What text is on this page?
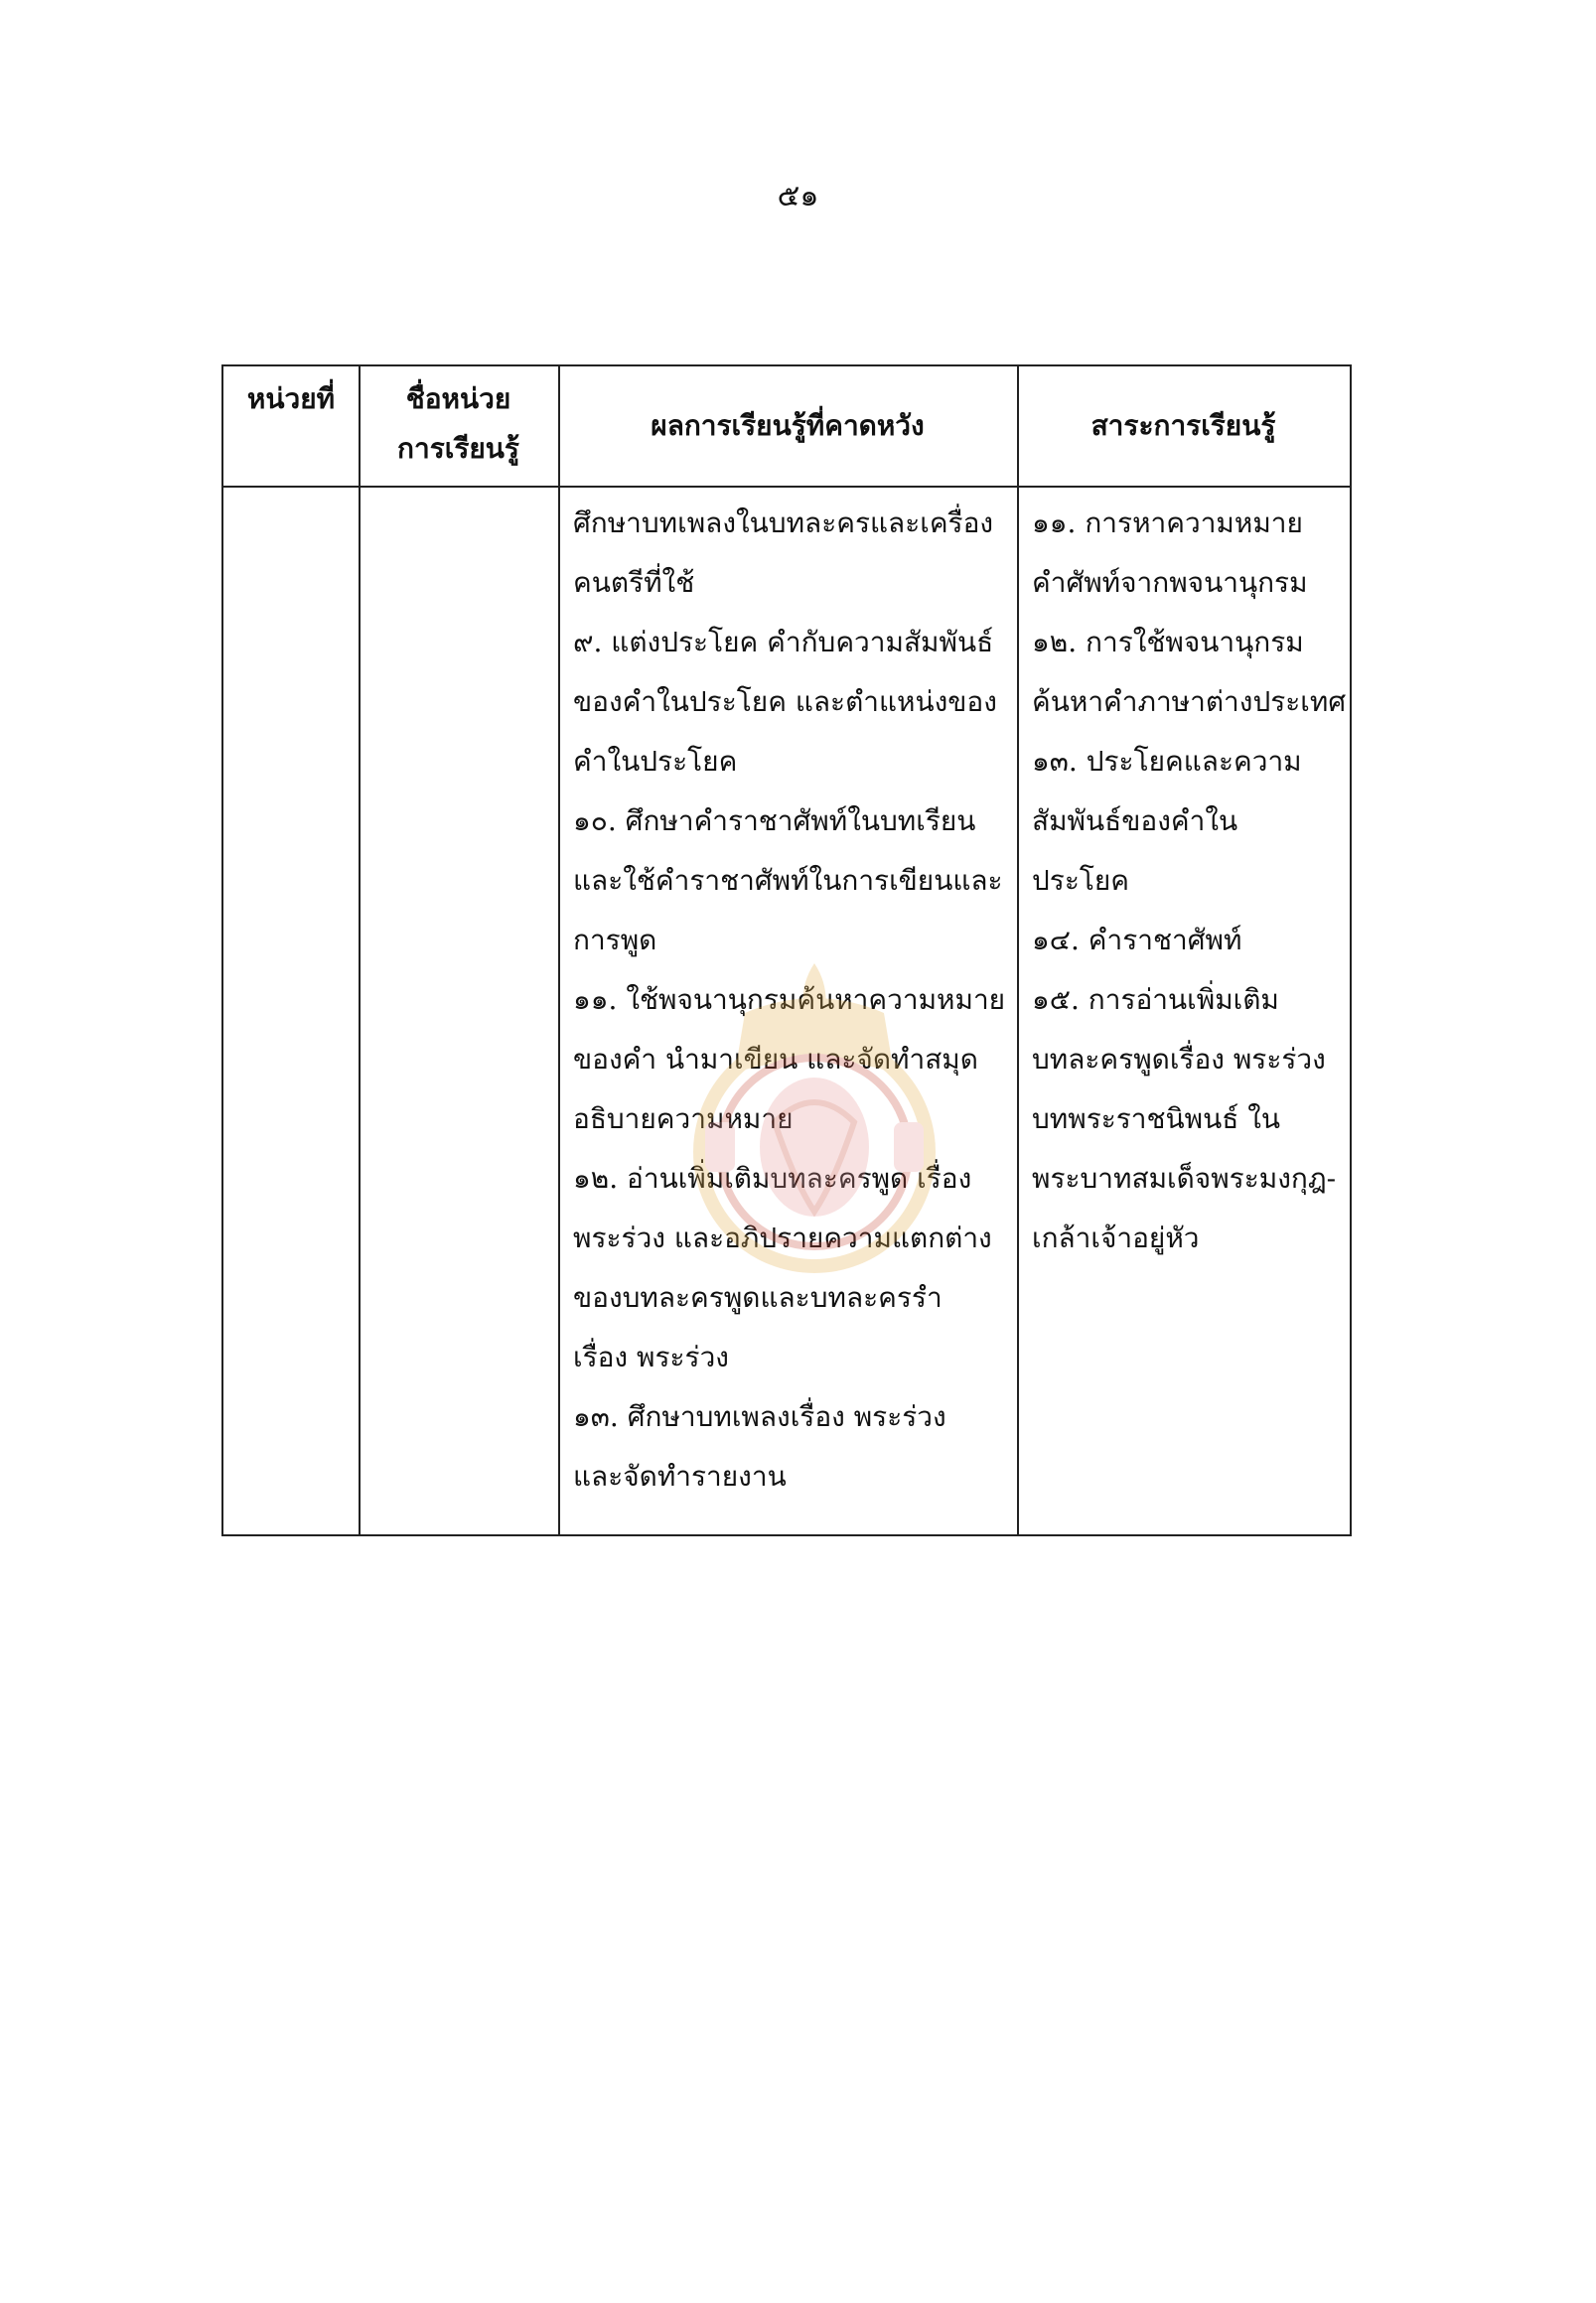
๕๑
หน่วยที่	ชื่อหน่วย
การเรียนรู้
ผลการเรียนรู้ที่คาดหวัง	สาระการเรียนรู้
ศึกษาบทเพลงในบทละครและเครื่อง
คนตรีที่ใช้
๙. แต่งประโยค คำกับความสัมพันธ์
ของคำในประโยค และตำแหน่งของ
คำในประโยค
๑๐. ศึกษาคำราชาศัพท์ในบทเรียน
และใช้คำราชาศัพท์ในการเขียนและ
การพูด
๑๑. ใช้พจนานุกรมค้นหาความหมาย
ของคำ นำมาเขียน และจัดทำสมุด
อธิบายความหมาย
๑๒. อ่านเพิ่มเติมบทละครพูด เรื่อง
พระร่วง และอภิปรายความแตกต่าง
ของบทละครพูดและบทละครรำ
เรื่อง พระร่วง
๑๓. ศึกษาบทเพลงเรื่อง พระร่วง
และจัดทำรายงาน
๑๑. การหาความหมาย
คำศัพท์จากพจนานุกรม
๑๒. การใช้พจนานุกรม
ค้นหาคำภาษาต่างประเทศ
๑๓. ประโยคและความ
สัมพันธ์ของคำใน
ประโยค
๑๔. คำราชาศัพท์
๑๕. การอ่านเพิ่มเติม
บทละครพูดเรื่อง พระร่วง
บทพระราชนิพนธ์ ใน
พระบาทสมเด็จพระมงกุฎ-
เกล้าเจ้าอยู่หัว
